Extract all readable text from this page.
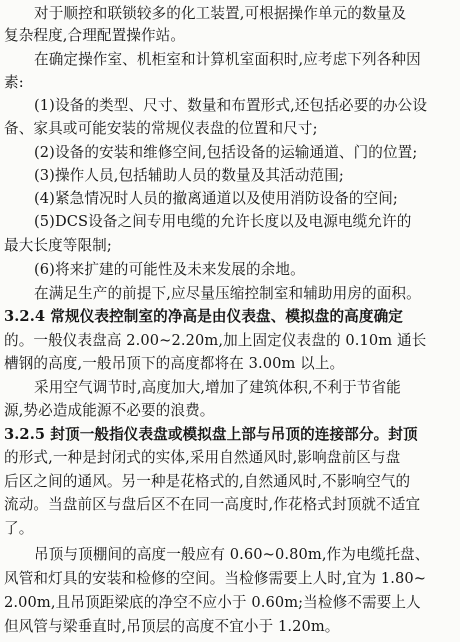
对于顺控和联锁较多的化工装置,可根据操作单元的数量及
复杂程度,合理配置操作站。
在确定操作室、机柜室和计算机室面积时,应考虑下列各种因
素:
(1)设备的类型、尺寸、数量和布置形式,还包括必要的办公设
备、家具或可能安装的常规仪表盘的位置和尺寸;
(2)设备的安装和维修空间,包括设备的运输通道、门的位置;
(3)操作人员,包括辅助人员的数量及其活动范围;
(4)紧急情况时人员的撤离通道以及使用消防设备的空间;
(5)DCS设备之间专用电缆的允许长度以及电源电缆允许的
最大长度等限制;
(6)将来扩建的可能性及未来发展的余地。
在满足生产的前提下,应尽量压缩控制室和辅助用房的面积。
3.2.4 常规仪表控制室的净高是由仪表盘、模拟盘的高度确定
的。一般仪表盘高 2.00~2.20m,加上固定仪表盘的 0.10m 通长
槽钢的高度,一般吊顶下的高度都将在 3.00m 以上。
采用空气调节时,高度加大,增加了建筑体积,不利于节省能
源,势必造成能源不必要的浪费。
3.2.5 封顶一般指仪表盘或模拟盘上部与吊顶的连接部分。封顶
的形式,一种是封闭式的实体,采用自然通风时,影响盘前区与盘
后区之间的通风。另一种是花格式的,自然通风时,不影响空气的
流动。当盘前区与盘后区不在同一高度时,作花格式封顶就不适宜
了。
吊顶与顶棚间的高度一般应有 0.60~0.80m,作为电缆托盘、
风管和灯具的安装和检修的空间。当检修需要上人时,宜为 1.80~
2.00m,且吊顶距梁底的净空不应小于 0.60m;当检修不需要上人
但风管与梁垂直时,吊顶层的高度不宜小于 1.20m。
